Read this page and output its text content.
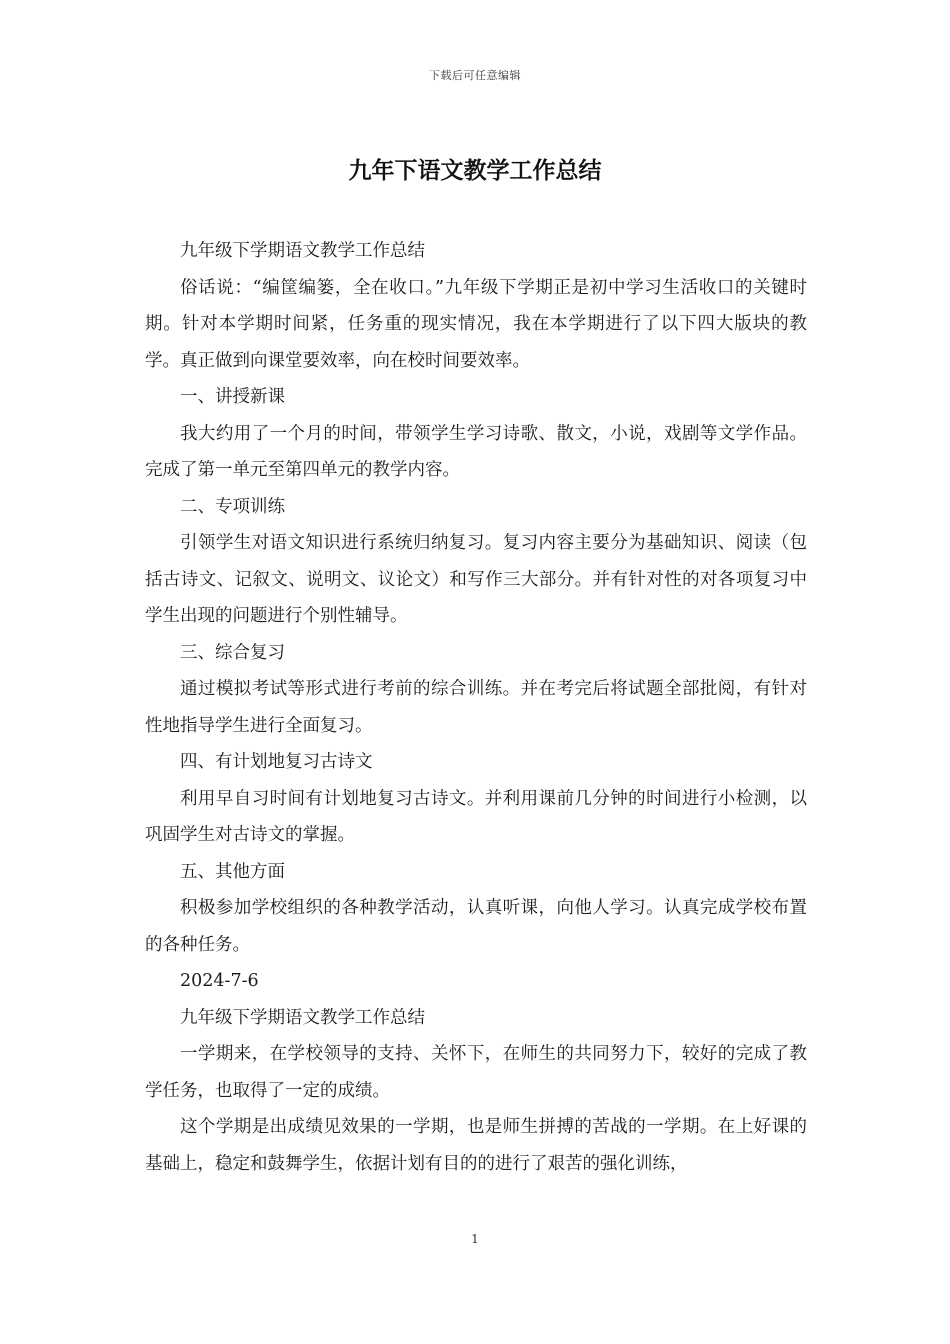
下载后可任意编辑
九年下语文教学工作总结

九年级下学期语文教学工作总结

俗话说：“编筐编篓，全在收口。”九年级下学期正是初中学习生活收口的关键时期。针对本学期时间紧，任务重的现实情况，我在本学期进行了以下四大版块的教学。真正做到向课堂要效率，向在校时间要效率。

一、讲授新课

我大约用了一个月的时间，带领学生学习诗歌、散文，小说，戏剧等文学作品。完成了第一单元至第四单元的教学内容。

二、专项训练

引领学生对语文知识进行系统归纳复习。复习内容主要分为基础知识、阅读（包括古诗文、记叙文、说明文、议论文）和写作三大部分。并有针对性的对各项复习中学生出现的问题进行个别性辅导。

三、综合复习

通过模拟考试等形式进行考前的综合训练。并在考完后将试题全部批阅，有针对性地指导学生进行全面复习。

四、有计划地复习古诗文

利用早自习时间有计划地复习古诗文。并利用课前几分钟的时间进行小检测，以巩固学生对古诗文的掌握。

五、其他方面

积极参加学校组织的各种教学活动，认真听课，向他人学习。认真完成学校布置的各种任务。

2024-7-6

九年级下学期语文教学工作总结

一学期来，在学校领导的支持、关怀下，在师生的共同努力下，较好的完成了教学任务，也取得了一定的成绩。

这个学期是出成绩见效果的一学期，也是师生拼搏的苦战的一学期。在上好课的基础上，稳定和鼓舞学生，依据计划有目的的进行了艰苦的强化训练，

1
